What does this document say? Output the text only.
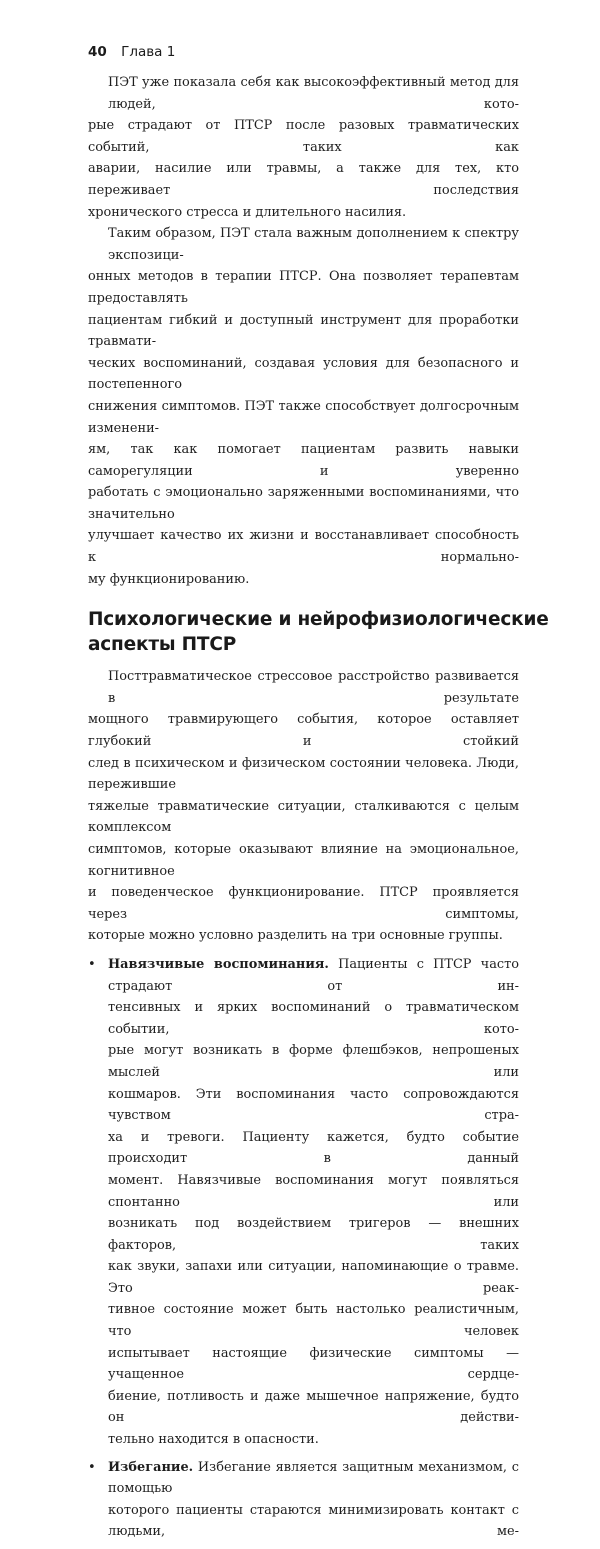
40 Глава 1
ПЭТ уже показала себя как высокоэффективный метод для людей, кото-
рые страдают от ПТСР после разовых травматических событий, таких как
аварии, насилие или травмы, а также для тех, кто переживает последствия
хронического стресса и длительного насилия.
Таким образом, ПЭТ стала важным дополнением к спектру экспозици-
онных методов в терапии ПТСР. Она позволяет терапевтам предоставлять
пациентам гибкий и доступный инструмент для проработки травмати-
ческих воспоминаний, создавая условия для безопасного и постепенного
снижения симптомов. ПЭТ также способствует долгосрочным изменени-
ям, так как помогает пациентам развить навыки саморегуляции и уверенно
работать с эмоционально заряженными воспоминаниями, что значительно
улучшает качество их жизни и восстанавливает способность к нормально-
му функционированию.
Психологические и нейрофизиологические
аспекты ПТСР
Посттравматическое стрессовое расстройство развивается в результате
мощного травмирующего события, которое оставляет глубокий и стойкий
след в психическом и физическом состоянии человека. Люди, пережившие
тяжелые травматические ситуации, сталкиваются с целым комплексом
симптомов, которые оказывают влияние на эмоциональное, когнитивное
и поведенческое функционирование. ПТСР проявляется через симптомы,
которые можно условно разделить на три основные группы.
• Навязчивые воспоминания. Пациенты с ПТСР часто страдают от ин-
тенсивных и ярких воспоминаний о травматическом событии, кото-
рые могут возникать в форме флешбэков, непрошеных мыслей или
кошмаров. Эти воспоминания часто сопровождаются чувством стра-
ха и тревоги. Пациенту кажется, будто событие происходит в данный
момент. Навязчивые воспоминания могут появляться спонтанно или
возникать под воздействием тригеров — внешних факторов, таких
как звуки, запахи или ситуации, напоминающие о травме. Это реак-
тивное состояние может быть настолько реалистичным, что человек
испытывает настоящие физические симптомы — учащенное сердце-
биение, потливость и даже мышечное напряжение, будто он действи-
тельно находится в опасности.
• Избегание. Избегание является защитным механизмом, с помощью
которого пациенты стараются минимизировать контакт с людьми, ме-
